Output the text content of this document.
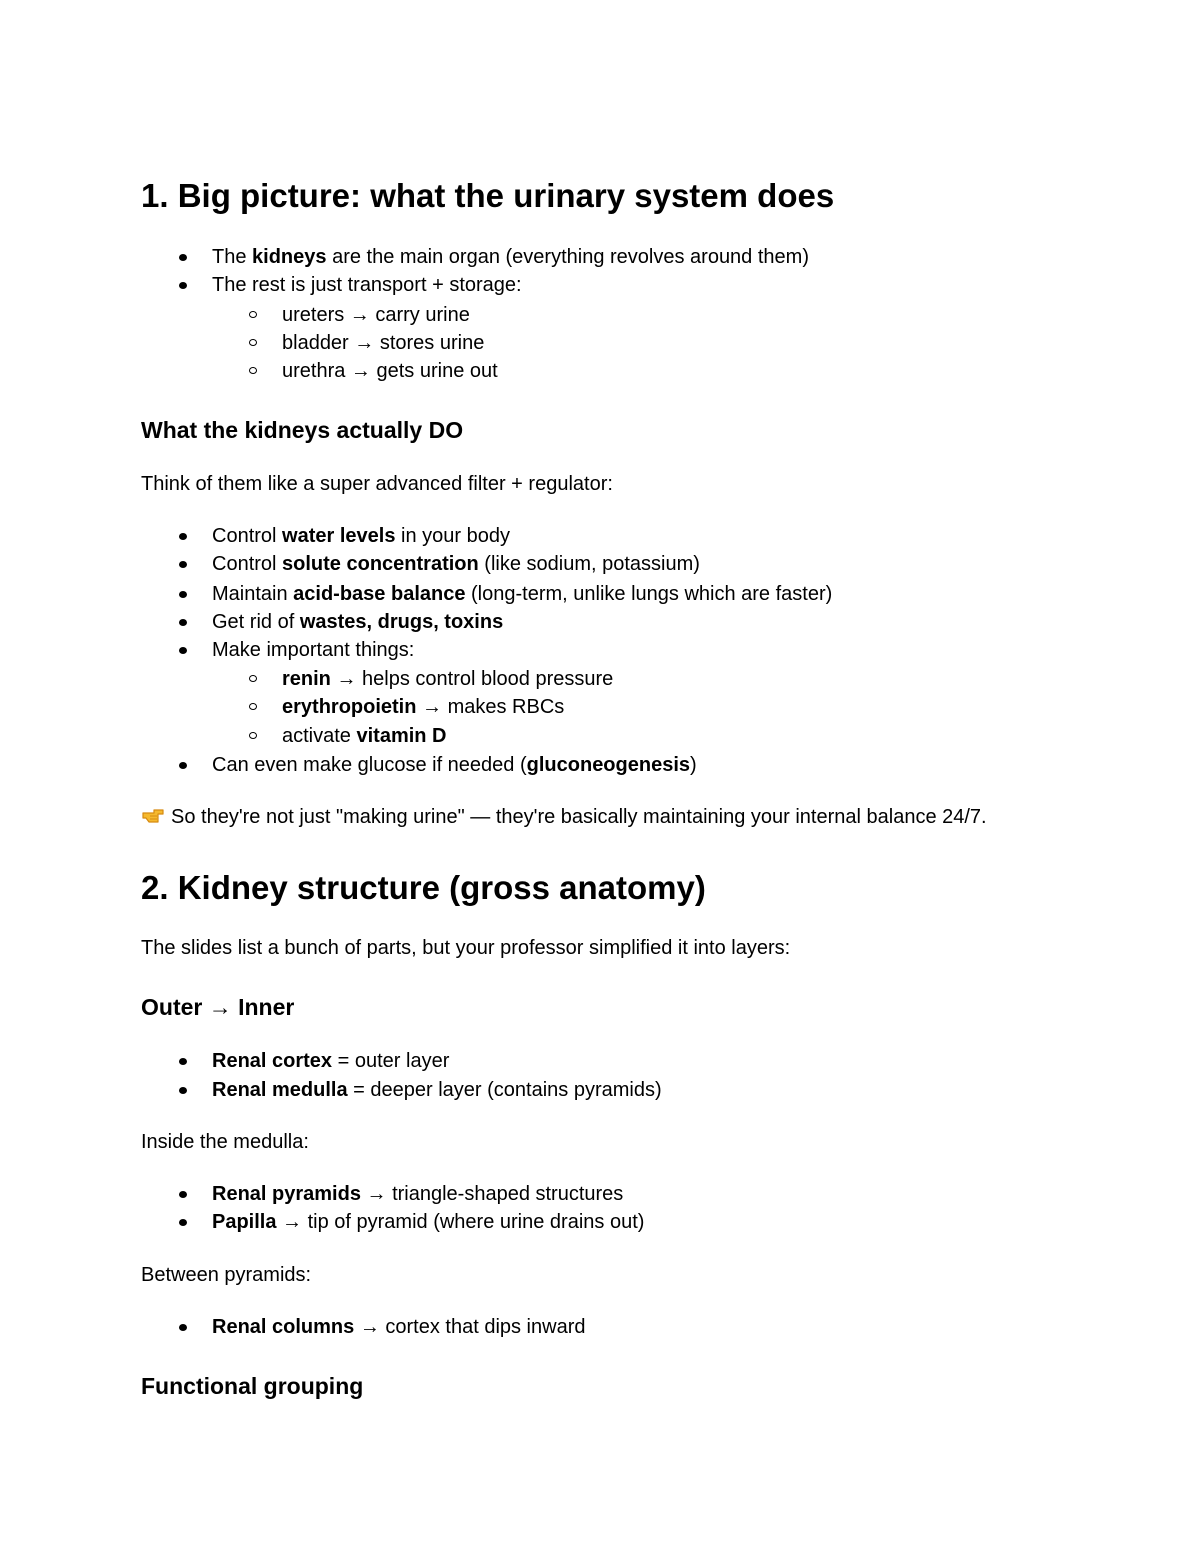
1. Big picture: what the urinary system does
The kidneys are the main organ (everything revolves around them)
The rest is just transport + storage:
ureters → carry urine
bladder → stores urine
urethra → gets urine out
What the kidneys actually DO

Think of them like a super advanced filter + regulator:

Control water levels in your body
Control solute concentration (like sodium, potassium)
Maintain acid-base balance (long-term, unlike lungs which are faster)
Get rid of wastes, drugs, toxins
Make important things:
renin → helps control blood pressure
erythropoietin → makes RBCs
activate vitamin D
Can even make glucose if needed (gluconeogenesis)

So they're not just "making urine" — they're basically maintaining your internal balance 24/7.

2. Kidney structure (gross anatomy)

The slides list a bunch of parts, but your professor simplified it into layers:

Outer → Inner
Renal cortex = outer layer
Renal medulla = deeper layer (contains pyramids)

Inside the medulla:

Renal pyramids → triangle-shaped structures
Papilla → tip of pyramid (where urine drains out)

Between pyramids:

Renal columns → cortex that dips inward
Functional grouping
